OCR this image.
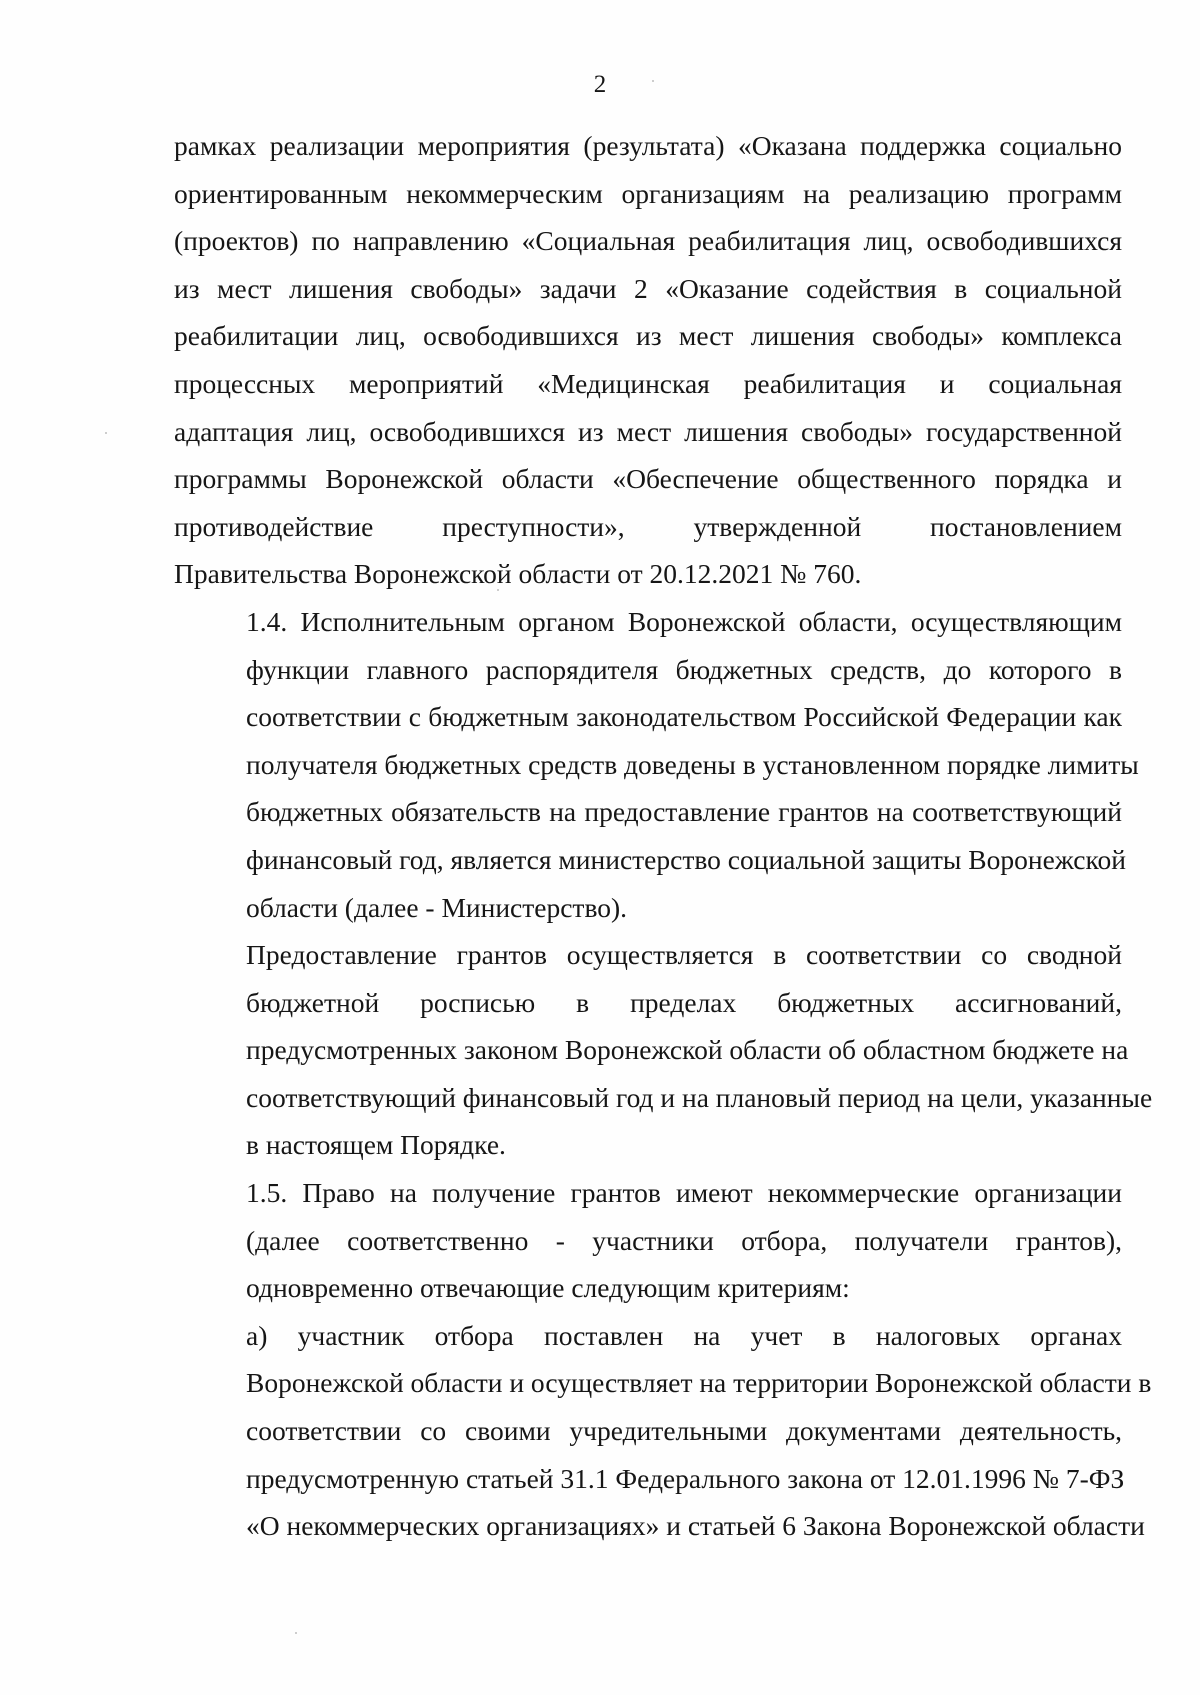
2

рамках реализации мероприятия (результата) «Оказана поддержка социально
ориентированным некоммерческим организациям на реализацию программ
(проектов) по направлению «Социальная реабилитация лиц, освободившихся
из мест лишения свободы» задачи 2 «Оказание содействия в социальной
реабилитации лиц, освободившихся из мест лишения свободы» комплекса
процессных мероприятий «Медицинская реабилитация и социальная
адаптация лиц, освободившихся из мест лишения свободы» государственной
программы Воронежской области «Обеспечение общественного порядка и
противодействие преступности», утвержденной постановлением
Правительства Воронежской области от 20.12.2021 № 760.

1.4. Исполнительным органом Воронежской области, осуществляющим
функции главного распорядителя бюджетных средств, до которого в
соответствии с бюджетным законодательством Российской Федерации как
получателя бюджетных средств доведены в установленном порядке лимиты
бюджетных обязательств на предоставление грантов на соответствующий
финансовый год, является министерство социальной защиты Воронежской
области (далее - Министерство).

Предоставление грантов осуществляется в соответствии со сводной
бюджетной росписью в пределах бюджетных ассигнований,
предусмотренных законом Воронежской области об областном бюджете на
соответствующий финансовый год и на плановый период на цели, указанные
в настоящем Порядке.

1.5. Право на получение грантов имеют некоммерческие организации
(далее соответственно - участники отбора, получатели грантов),
одновременно отвечающие следующим критериям:

а) участник отбора поставлен на учет в налоговых органах
Воронежской области и осуществляет на территории Воронежской области в
соответствии со своими учредительными документами деятельность,
предусмотренную статьей 31.1 Федерального закона от 12.01.1996 № 7-ФЗ
«О некоммерческих организациях» и статьей 6 Закона Воронежской области
